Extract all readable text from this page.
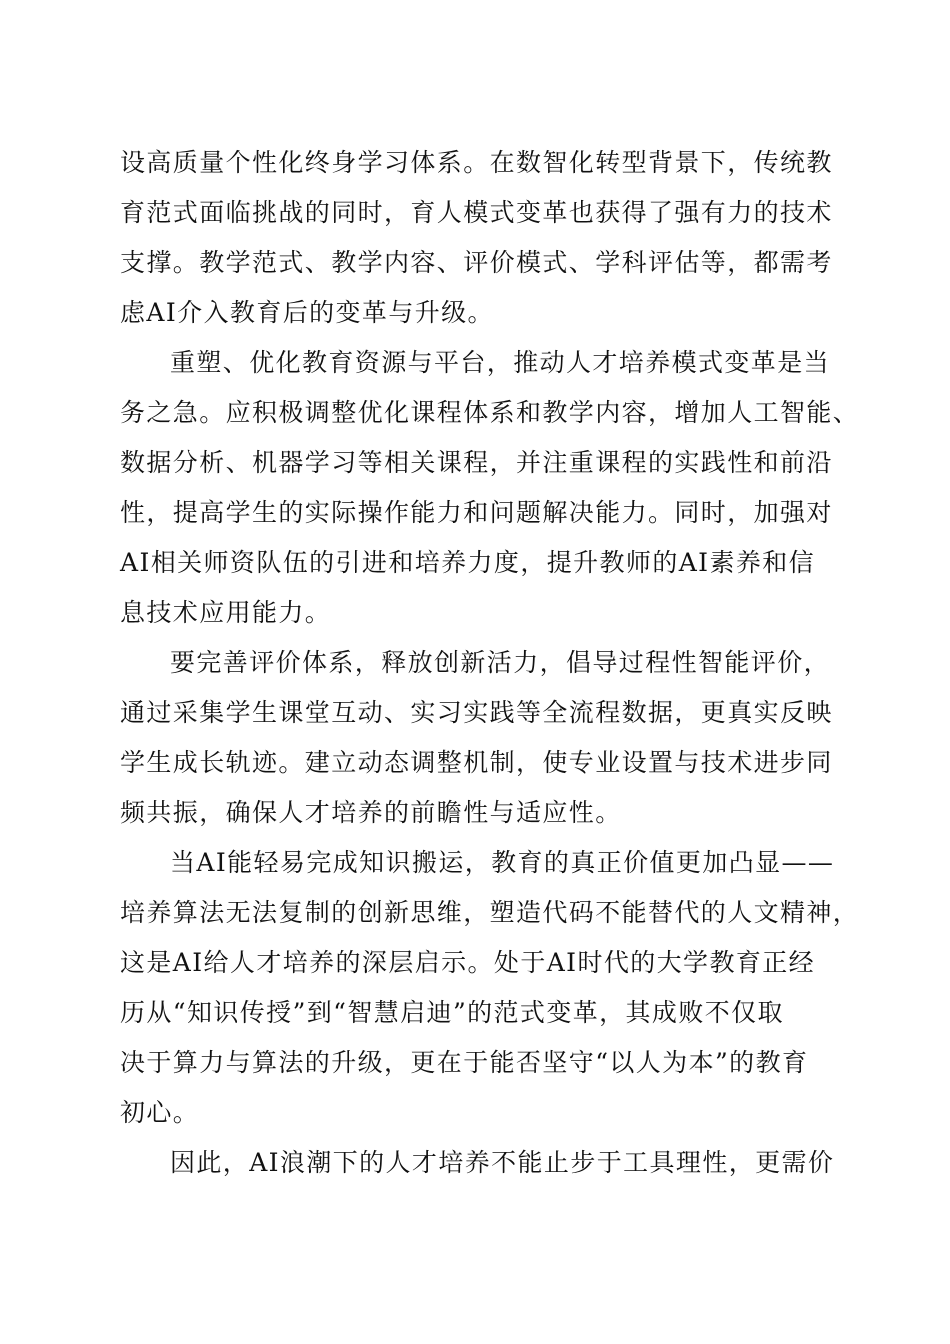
设高质量个性化终身学习体系。在数智化转型背景下，传统教
育范式面临挑战的同时，育人模式变革也获得了强有力的技术
支撑。教学范式、教学内容、评价模式、学科评估等，都需考
虑AI介入教育后的变革与升级。
重塑、优化教育资源与平台，推动人才培养模式变革是当
务之急。应积极调整优化课程体系和教学内容，增加人工智能、
数据分析、机器学习等相关课程，并注重课程的实践性和前沿
性，提高学生的实际操作能力和问题解决能力。同时，加强对
AI相关师资队伍的引进和培养力度，提升教师的AI素养和信
息技术应用能力。
要完善评价体系，释放创新活力，倡导过程性智能评价，
通过采集学生课堂互动、实习实践等全流程数据，更真实反映
学生成长轨迹。建立动态调整机制，使专业设置与技术进步同
频共振，确保人才培养的前瞻性与适应性。
当AI能轻易完成知识搬运，教育的真正价值更加凸显——
培养算法无法复制的创新思维，塑造代码不能替代的人文精神，
这是AI给人才培养的深层启示。处于AI时代的大学教育正经
历从“知识传授”到“智慧启迪”的范式变革，其成败不仅取
决于算力与算法的升级，更在于能否坚守“以人为本”的教育
初心。
因此，AI浪潮下的人才培养不能止步于工具理性，更需价
